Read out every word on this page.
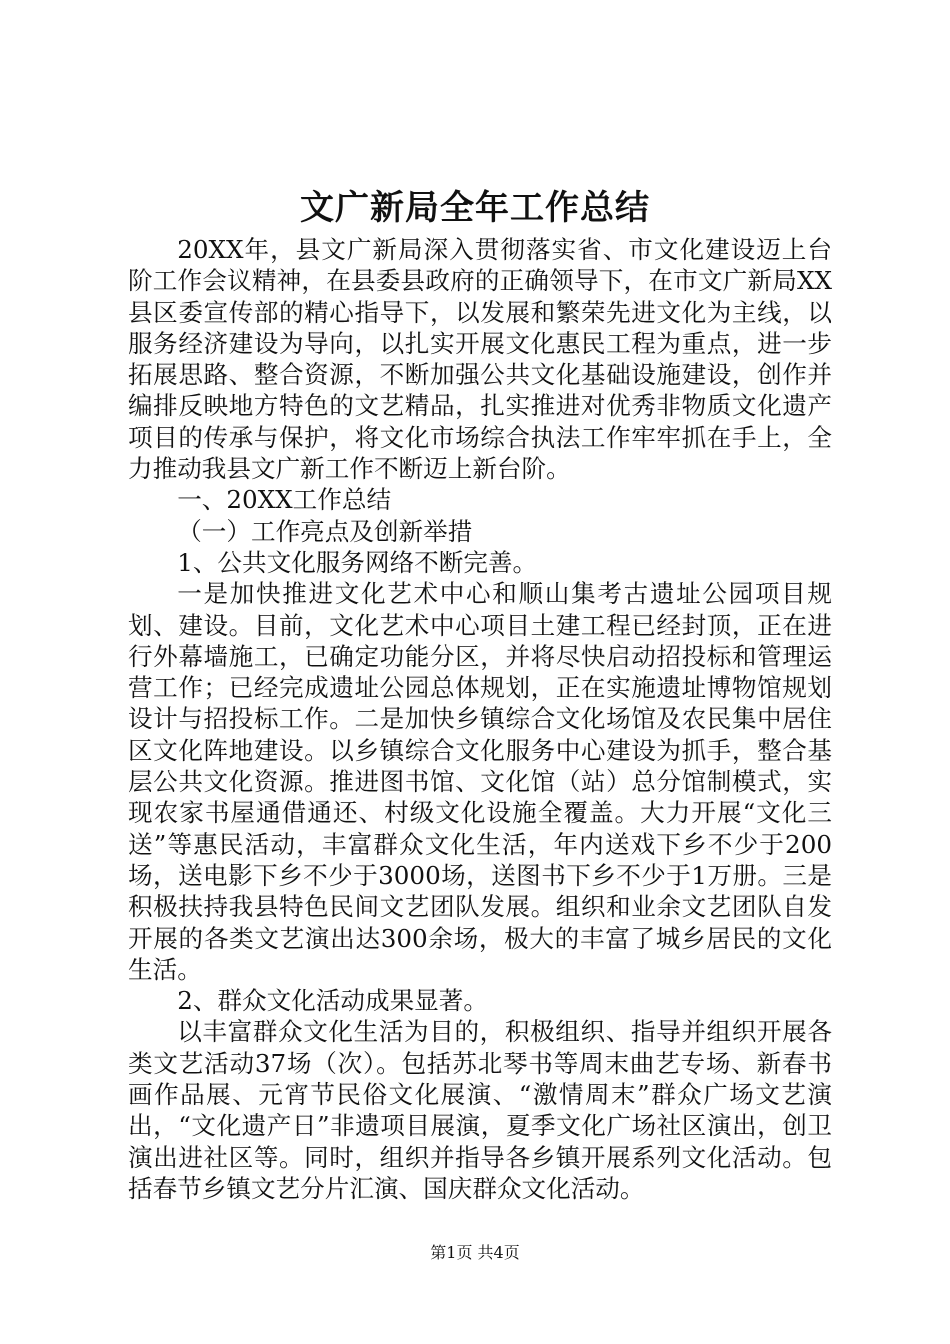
文广新局全年工作总结

20XX年，县文广新局深入贯彻落实省、市文化建设迈上台阶工作会议精神，在县委县政府的正确领导下，在市文广新局XX县区委宣传部的精心指导下，以发展和繁荣先进文化为主线，以服务经济建设为导向，以扎实开展文化惠民工程为重点，进一步拓展思路、整合资源，不断加强公共文化基础设施建设，创作并编排反映地方特色的文艺精品，扎实推进对优秀非物质文化遗产项目的传承与保护，将文化市场综合执法工作牢牢抓在手上，全力推动我县文广新工作不断迈上新台阶。

一、20XX工作总结

（一）工作亮点及创新举措

1、公共文化服务网络不断完善。

一是加快推进文化艺术中心和顺山集考古遗址公园项目规划、建设。目前，文化艺术中心项目土建工程已经封顶，正在进行外幕墙施工，已确定功能分区，并将尽快启动招投标和管理运营工作；已经完成遗址公园总体规划，正在实施遗址博物馆规划设计与招投标工作。二是加快乡镇综合文化场馆及农民集中居住区文化阵地建设。以乡镇综合文化服务中心建设为抓手，整合基层公共文化资源。推进图书馆、文化馆（站）总分馆制模式，实现农家书屋通借通还、村级文化设施全覆盖。大力开展“文化三送”等惠民活动，丰富群众文化生活，年内送戏下乡不少于200场，送电影下乡不少于3000场，送图书下乡不少于1万册。三是积极扶持我县特色民间文艺团队发展。组织和业余文艺团队自发开展的各类文艺演出达300余场，极大的丰富了城乡居民的文化生活。

2、群众文化活动成果显著。

以丰富群众文化生活为目的，积极组织、指导并组织开展各类文艺活动37场（次）。包括苏北琴书等周末曲艺专场、新春书画作品展、元宵节民俗文化展演、“激情周末”群众广场文艺演出，“文化遗产日”非遗项目展演，夏季文化广场社区演出，创卫演出进社区等。同时，组织并指导各乡镇开展系列文化活动。包括春节乡镇文艺分片汇演、国庆群众文化活动。

第1页 共4页
